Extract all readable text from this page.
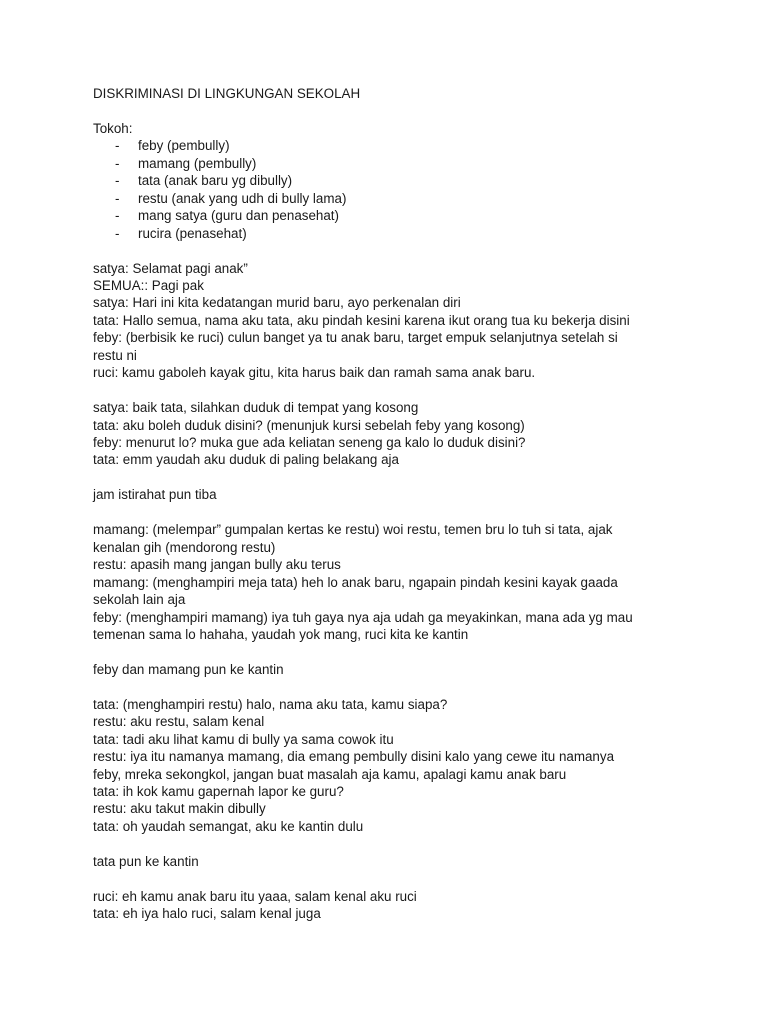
DISKRIMINASI DI LINGKUNGAN SEKOLAH

Tokoh:

- feby (pembully)
- mamang (pembully)
- tata (anak baru yg dibully)
- restu (anak yang udh di bully lama)
- mang satya (guru dan penasehat)
- rucira (penasehat)

satya: Selamat pagi anak”

SEMUA:: Pagi pak

satya: Hari ini kita kedatangan murid baru, ayo perkenalan diri

tata: Hallo semua, nama aku tata, aku pindah kesini karena ikut orang tua ku bekerja disini

feby: (berbisik ke ruci) culun banget ya tu anak baru, target empuk selanjutnya setelah si

restu ni

ruci: kamu gaboleh kayak gitu, kita harus baik dan ramah sama anak baru.

satya: baik tata, silahkan duduk di tempat yang kosong

tata: aku boleh duduk disini? (menunjuk kursi sebelah feby yang kosong)

feby: menurut lo? muka gue ada keliatan seneng ga kalo lo duduk disini?

tata: emm yaudah aku duduk di paling belakang aja

jam istirahat pun tiba

mamang: (melempar” gumpalan kertas ke restu) woi restu, temen bru lo tuh si tata, ajak

kenalan gih (mendorong restu)

restu: apasih mang jangan bully aku terus

mamang: (menghampiri meja tata) heh lo anak baru, ngapain pindah kesini kayak gaada

sekolah lain aja

feby: (menghampiri mamang) iya tuh gaya nya aja udah ga meyakinkan, mana ada yg mau

temenan sama lo hahaha, yaudah yok mang, ruci kita ke kantin

feby dan mamang pun ke kantin

tata: (menghampiri restu) halo, nama aku tata, kamu siapa?

restu: aku restu, salam kenal

tata: tadi aku lihat kamu di bully ya sama cowok itu

restu: iya itu namanya mamang, dia emang pembully disini kalo yang cewe itu namanya

feby, mreka sekongkol, jangan buat masalah aja kamu, apalagi kamu anak baru

tata: ih kok kamu gapernah lapor ke guru?

restu: aku takut makin dibully

tata: oh yaudah semangat, aku ke kantin dulu

tata pun ke kantin

ruci: eh kamu anak baru itu yaaa, salam kenal aku ruci

tata: eh iya halo ruci, salam kenal juga
